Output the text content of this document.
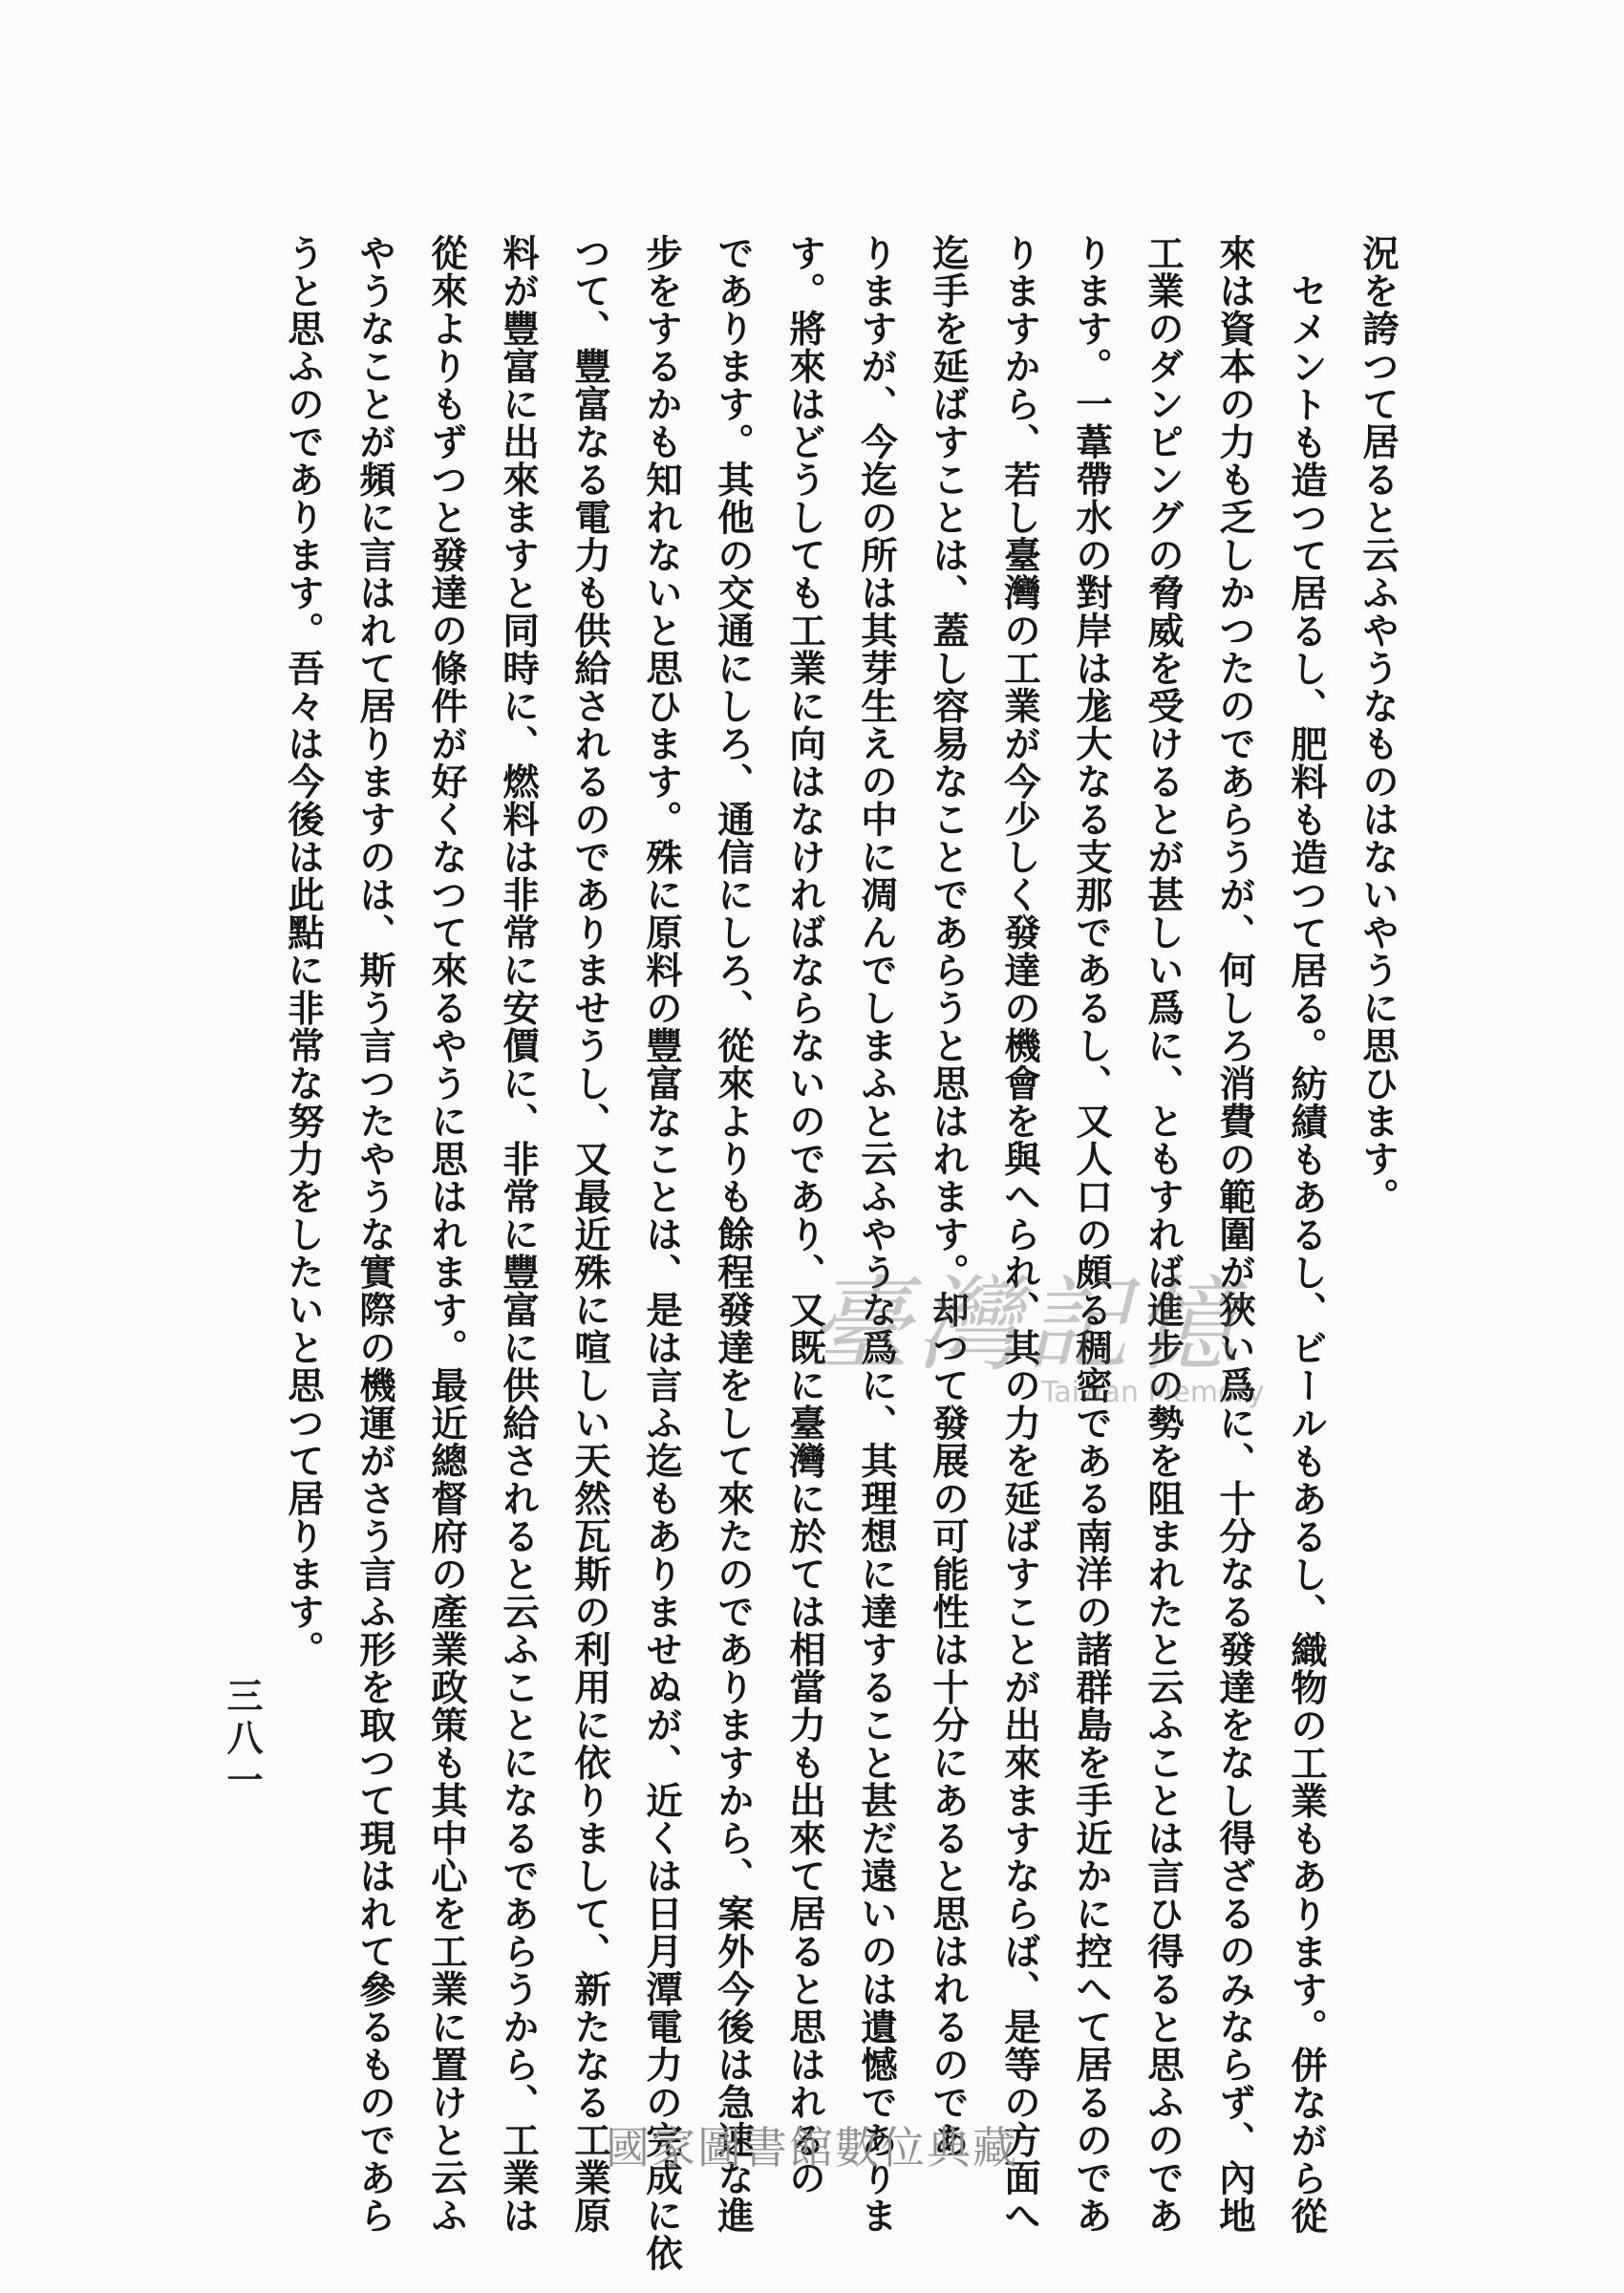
況を誇つて居ると云ふやうなものはないやうに思ひます。
セメントも造つて居るし、肥料も造つて居る。紡績もあるし、ビールもあるし、織物の工業もあります。併ながら從
來は資本の力も乏しかつたのであらうが、何しろ消費の範圍が狹い爲に、十分なる發達をなし得ざるのみならず、內地
工業のダンピングの脅威を受けるとが甚しい爲に、ともすれば進步の勢を阻まれたと云ふことは言ひ得ると思ふのであ
ります。一葦帶水の對岸は尨大なる支那であるし、又人口の頗る稠密である南洋の諸群島を手近かに控へて居るのであ
りますから、若し臺灣の工業が今少しく發達の機會を與へられ、其の力を延ばすことが出來ますならば、是等の方面へ
迄手を延ばすことは、蓋し容易なことであらうと思はれます。却つて發展の可能性は十分にあると思はれるのであ
りますが、今迄の所は其芽生えの中に凋んでしまふと云ふやうな爲に、其理想に達すること甚だ遠いのは遺憾でありま
す。將來はどうしても工業に向はなければならないのであり、又既に臺灣に於ては相當力も出來て居ると思はれるの
であります。其他の交通にしろ、通信にしろ、從來よりも餘程發達をして來たのでありますから、案外今後は急速な進
步をするかも知れないと思ひます。殊に原料の豐富なことは、是は言ふ迄もありませぬが、近くは日月潭電力の完成に依
つて、豐富なる電力も供給されるのでありませうし、又最近殊に喧しい天然瓦斯の利用に依りまして、新たなる工業原
料が豐富に出來ますと同時に、燃料は非常に安價に、非常に豐富に供給されると云ふことになるであらうから、工業は
從來よりもずつと發達の條件が好くなつて來るやうに思はれます。最近總督府の產業政策も其中心を工業に置けと云ふ
やうなことが頻に言はれて居りますのは、斯う言つたやうな實際の機運がさう言ふ形を取つて現はれて參るものであら
うと思ふのであります。吾々は今後は此點に非常な努力をしたいと思つて居ります。
三八一
臺灣記憶
Taiwan Memory
國家圖書館數位典藏
